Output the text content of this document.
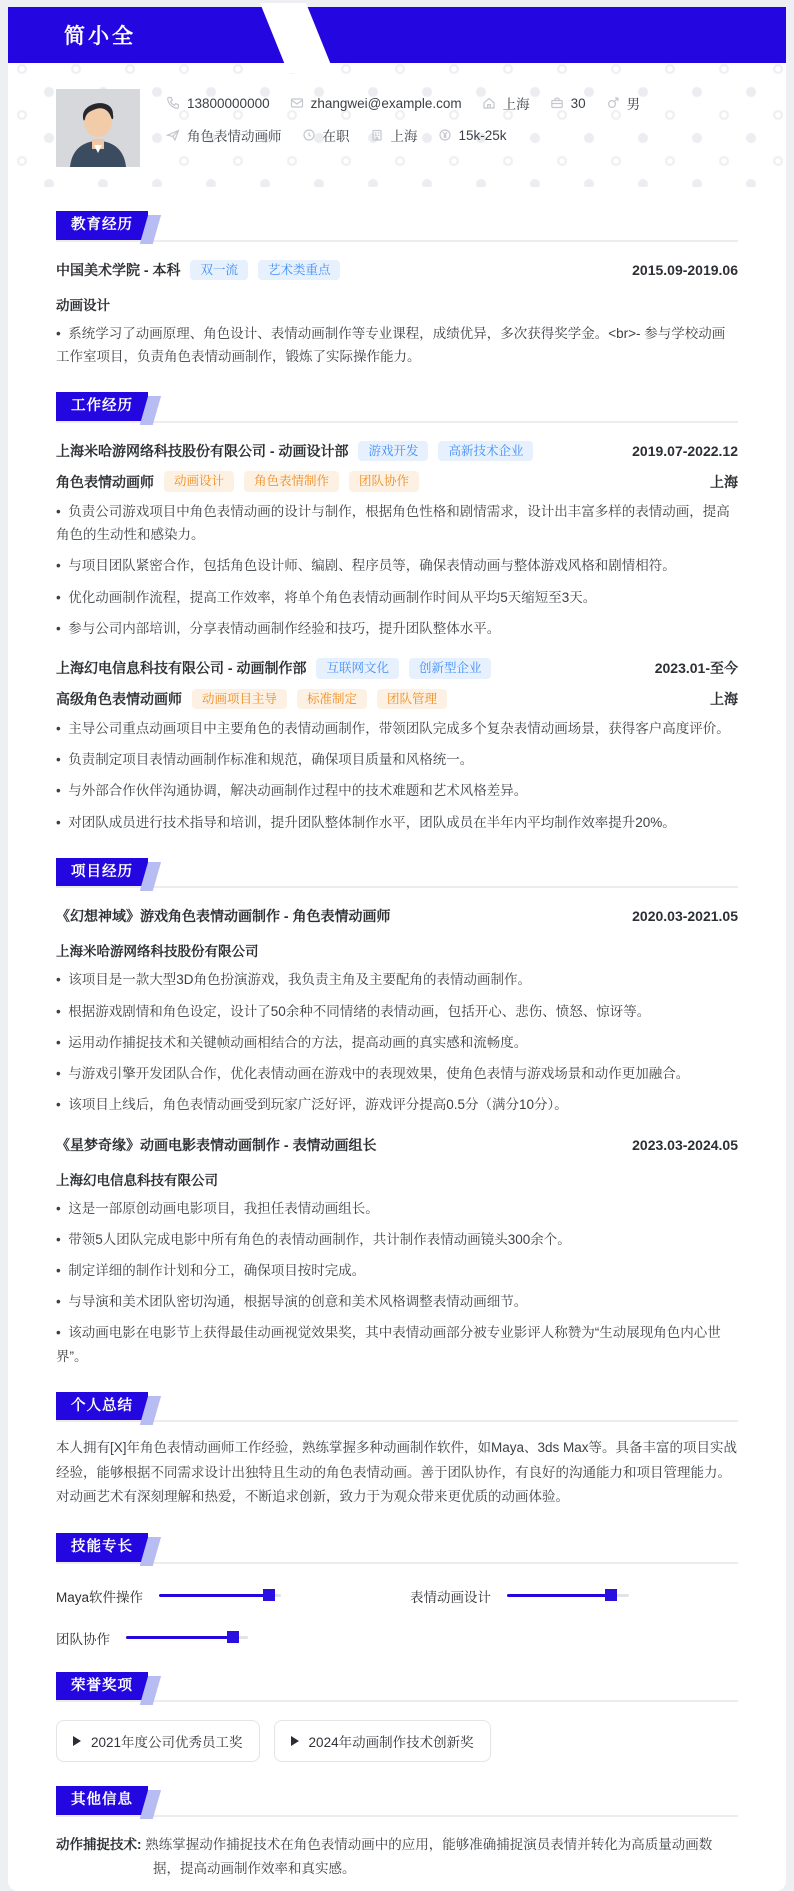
简小全
13800000000	zhangwei@example.com	上海	30	男
角色表情动画师	在职	上海	15k-25k
教育经历
中国美术学院 - 本科	双一流	艺术类重点	2015.09-2019.06
动画设计

•  系统学习了动画原理、角色设计、表情动画制作等专业课程，成绩优异，多次获得奖学金。<br>- 参与学校动画工作室项目，负责角色表情动画制作，锻炼了实际操作能力。

工作经历
上海米哈游网络科技股份有限公司 - 动画设计部	游戏开发	高新技术企业	2019.07-2022.12
角色表情动画师	动画设计	角色表情制作	团队协作	上海

•  负责公司游戏项目中角色表情动画的设计与制作，根据角色性格和剧情需求，设计出丰富多样的表情动画，提高角色的生动性和感染力。

•  与项目团队紧密合作，包括角色设计师、编剧、程序员等，确保表情动画与整体游戏风格和剧情相符。

•  优化动画制作流程，提高工作效率，将单个角色表情动画制作时间从平均5天缩短至3天。

•  参与公司内部培训，分享表情动画制作经验和技巧，提升团队整体水平。

上海幻电信息科技有限公司 - 动画制作部	互联网文化	创新型企业	2023.01-至今
高级角色表情动画师	动画项目主导	标准制定	团队管理	上海

•  主导公司重点动画项目中主要角色的表情动画制作，带领团队完成多个复杂表情动画场景，获得客户高度评价。

•  负责制定项目表情动画制作标准和规范，确保项目质量和风格统一。

•  与外部合作伙伴沟通协调，解决动画制作过程中的技术难题和艺术风格差异。

•  对团队成员进行技术指导和培训，提升团队整体制作水平，团队成员在半年内平均制作效率提升20%。

项目经历
《幻想神域》游戏角色表情动画制作 - 角色表情动画师	2020.03-2021.05
上海米哈游网络科技股份有限公司

•  该项目是一款大型3D角色扮演游戏，我负责主角及主要配角的表情动画制作。

•  根据游戏剧情和角色设定，设计了50余种不同情绪的表情动画，包括开心、悲伤、愤怒、惊讶等。

•  运用动作捕捉技术和关键帧动画相结合的方法，提高动画的真实感和流畅度。

•  与游戏引擎开发团队合作，优化表情动画在游戏中的表现效果，使角色表情与游戏场景和动作更加融合。

•  该项目上线后，角色表情动画受到玩家广泛好评，游戏评分提高0.5分（满分10分）。

《星梦奇缘》动画电影表情动画制作 - 表情动画组长	2023.03-2024.05
上海幻电信息科技有限公司

•  这是一部原创动画电影项目，我担任表情动画组长。

•  带领5人团队完成电影中所有角色的表情动画制作，共计制作表情动画镜头300余个。

•  制定详细的制作计划和分工，确保项目按时完成。

•  与导演和美术团队密切沟通，根据导演的创意和美术风格调整表情动画细节。

•  该动画电影在电影节上获得最佳动画视觉效果奖，其中表情动画部分被专业影评人称赞为“生动展现角色内心世界”。

个人总结

本人拥有[X]年角色表情动画师工作经验，熟练掌握多种动画制作软件，如Maya、3ds Max等。具备丰富的项目实战经验，能够根据不同需求设计出独特且生动的角色表情动画。善于团队协作，有良好的沟通能力和项目管理能力。对动画艺术有深刻理解和热爱，不断追求创新，致力于为观众带来更优质的动画体验。

技能专长
Maya软件操作	表情动画设计
团队协作
荣誉奖项
2021年度公司优秀员工奖	2024年动画制作技术创新奖
其他信息

动作捕捉技术: 熟练掌握动作捕捉技术在角色表情动画中的应用，能够准确捕捉演员表情并转化为高质量动画数据，提高动画制作效率和真实感。
